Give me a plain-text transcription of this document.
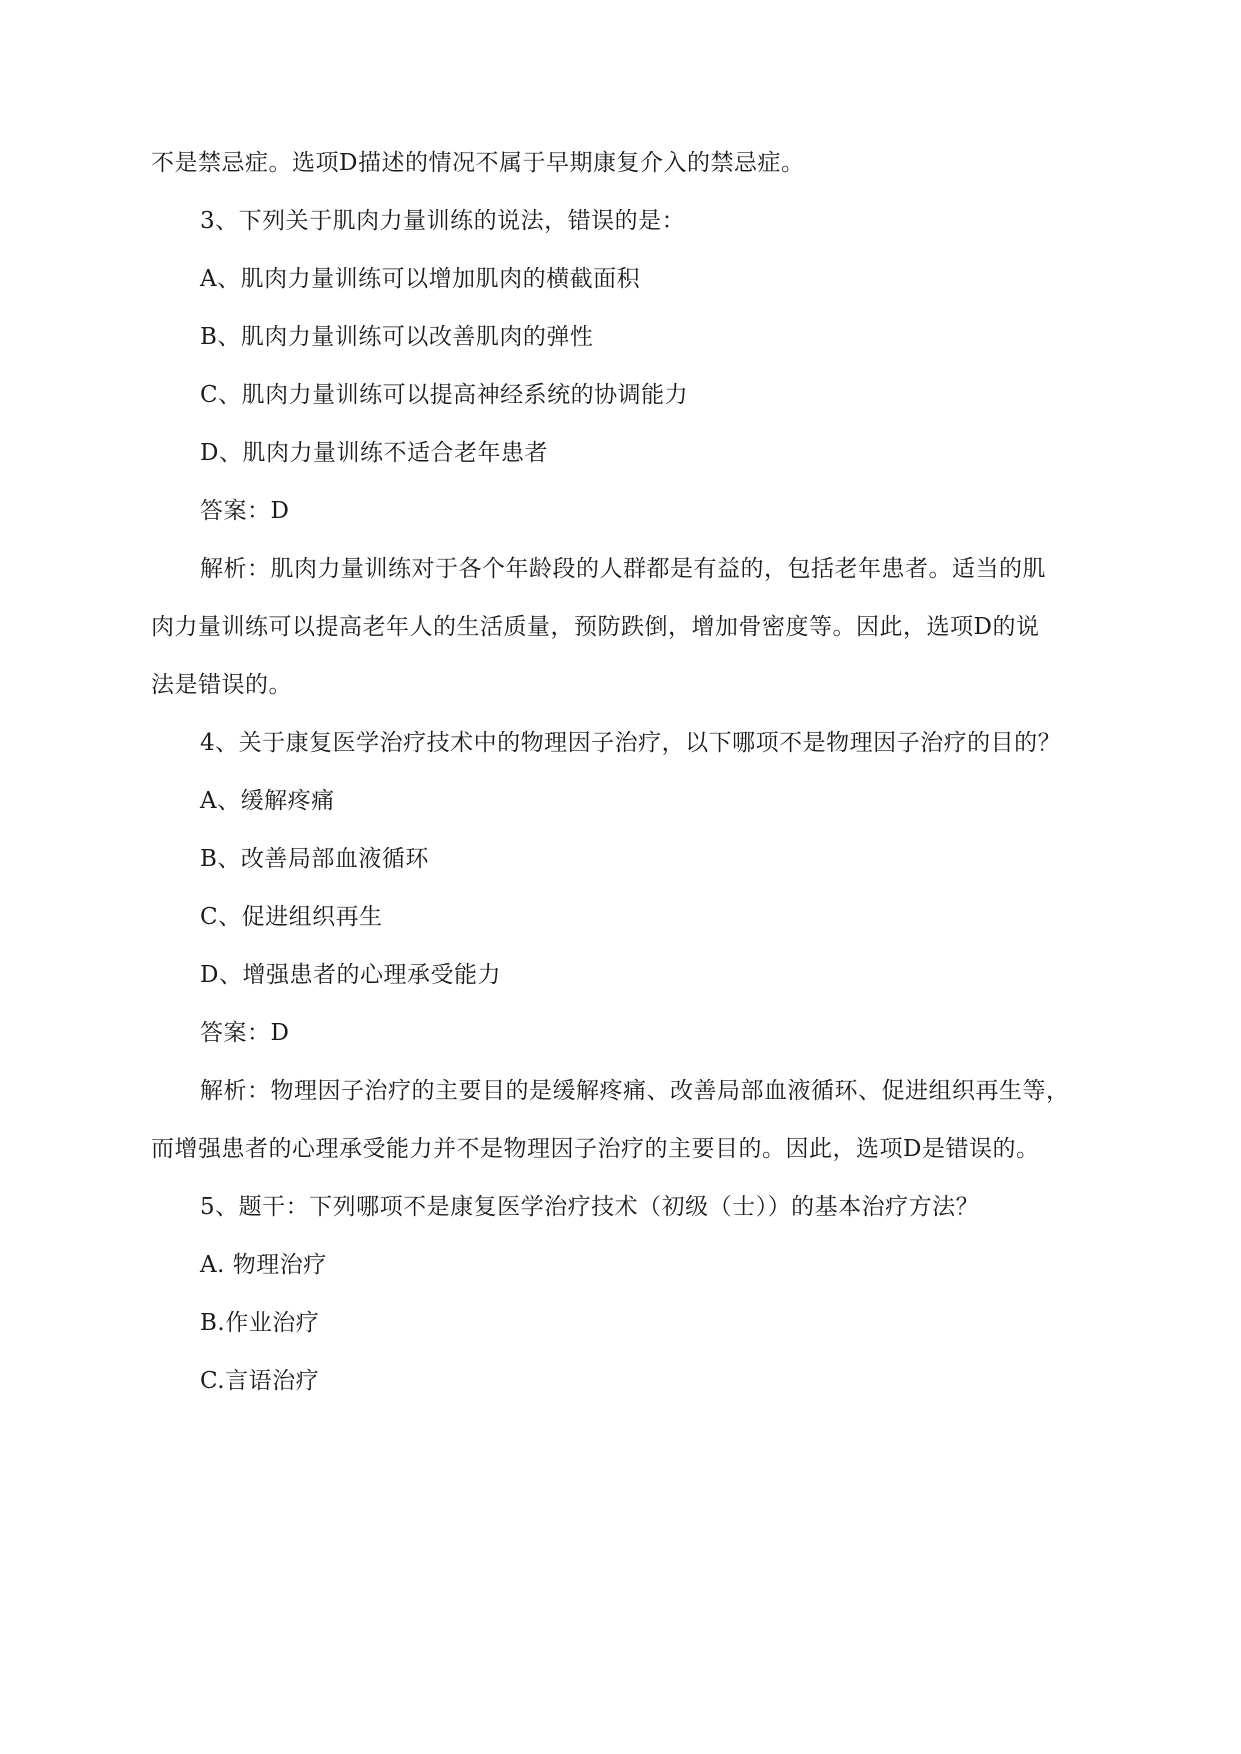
不是禁忌症。选项D描述的情况不属于早期康复介入的禁忌症。
3、下列关于肌肉力量训练的说法，错误的是：
A、肌肉力量训练可以增加肌肉的横截面积
B、肌肉力量训练可以改善肌肉的弹性
C、肌肉力量训练可以提高神经系统的协调能力
D、肌肉力量训练不适合老年患者
答案：D
解析：肌肉力量训练对于各个年龄段的人群都是有益的，包括老年患者。适当的肌
肉力量训练可以提高老年人的生活质量，预防跌倒，增加骨密度等。因此，选项D的说
法是错误的。
4、关于康复医学治疗技术中的物理因子治疗，以下哪项不是物理因子治疗的目的？
A、缓解疼痛
B、改善局部血液循环
C、促进组织再生
D、增强患者的心理承受能力
答案：D
解析：物理因子治疗的主要目的是缓解疼痛、改善局部血液循环、促进组织再生等，
而增强患者的心理承受能力并不是物理因子治疗的主要目的。因此，选项D是错误的。
5、题干：下列哪项不是康复医学治疗技术（初级（士））的基本治疗方法？
A. 物理治疗
B.作业治疗
C.言语治疗
